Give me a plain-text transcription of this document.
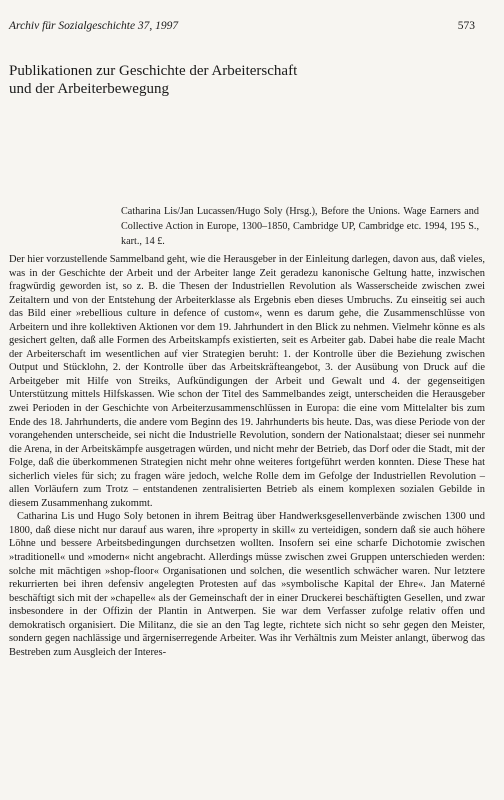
Archiv für Sozialgeschichte 37, 1997	573
Publikationen zur Geschichte der Arbeiterschaft
und der Arbeiterbewegung
Catharina Lis/Jan Lucassen/Hugo Soly (Hrsg.), Before the Unions. Wage Earners and Collective Action in Europe, 1300–1850, Cambridge UP, Cambridge etc. 1994, 195 S., kart., 14 £.

Der hier vorzustellende Sammelband geht, wie die Herausgeber in der Einleitung darlegen, davon aus, daß vieles, was in der Geschichte der Arbeit und der Arbeiter lange Zeit geradezu kanonische Geltung hatte, inzwischen fragwürdig geworden ist, so z. B. die Thesen der Industriellen Revolution als Wasserscheide zwischen zwei Zeitaltern und von der Entstehung der Arbeiterklasse als Ergebnis eben dieses Umbruchs. Zu einseitig sei auch das Bild einer »rebellious culture in defence of custom«, wenn es darum gehe, die Zusammenschlüsse von Arbeitern und ihre kollektiven Aktionen vor dem 19. Jahrhundert in den Blick zu nehmen. Vielmehr könne es als gesichert gelten, daß alle Formen des Arbeitskampfs existierten, seit es Arbeiter gab. Dabei habe die reale Macht der Arbeiterschaft im wesentlichen auf vier Strategien beruht: 1. der Kontrolle über die Beziehung zwischen Output und Stücklohn, 2. der Kontrolle über das Arbeitskräfteangebot, 3. der Ausübung von Druck auf die Arbeitgeber mit Hilfe von Streiks, Aufkündigungen der Arbeit und Gewalt und 4. der gegenseitigen Unterstützung mittels Hilfskassen. Wie schon der Titel des Sammelbandes zeigt, unterscheiden die Herausgeber zwei Perioden in der Geschichte von Arbeiterzusammenschlüssen in Europa: die eine vom Mittelalter bis zum Ende des 18. Jahrhunderts, die andere vom Beginn des 19. Jahrhunderts bis heute. Das, was diese Periode von der vorangehenden unterscheide, sei nicht die Industrielle Revolution, sondern der Nationalstaat; dieser sei nunmehr die Arena, in der Arbeitskämpfe ausgetragen würden, und nicht mehr der Betrieb, das Dorf oder die Stadt, mit der Folge, daß die überkommenen Strategien nicht mehr ohne weiteres fortgeführt werden konnten. Diese These hat sicherlich vieles für sich; zu fragen wäre jedoch, welche Rolle dem im Gefolge der Industriellen Revolution – allen Vorläufern zum Trotz – entstandenen zentralisierten Betrieb als einem komplexen sozialen Gebilde in diesem Zusammenhang zukommt.

Catharina Lis und Hugo Soly betonen in ihrem Beitrag über Handwerksgesellenverbände zwischen 1300 und 1800, daß diese nicht nur darauf aus waren, ihre »property in skill« zu verteidigen, sondern daß sie auch höhere Löhne und bessere Arbeitsbedingungen durchsetzen wollten. Insofern sei eine scharfe Dichotomie zwischen »traditionell« und »modern« nicht angebracht. Allerdings müsse zwischen zwei Gruppen unterschieden werden: solche mit mächtigen »shop-floor« Organisationen und solchen, die wesentlich schwächer waren. Nur letztere rekurrierten bei ihren defensiv angelegten Protesten auf das »symbolische Kapital der Ehre«. Jan Materné beschäftigt sich mit der »chapelle« als der Gemeinschaft der in einer Druckerei beschäftigten Gesellen, und zwar insbesondere in der Offizin der Plantin in Antwerpen. Sie war dem Verfasser zufolge relativ offen und demokratisch organisiert. Die Militanz, die sie an den Tag legte, richtete sich nicht so sehr gegen den Meister, sondern gegen nachlässige und ärgerniserregende Arbeiter. Was ihr Verhältnis zum Meister anlangt, überwog das Bestreben zum Ausgleich der Interes-
